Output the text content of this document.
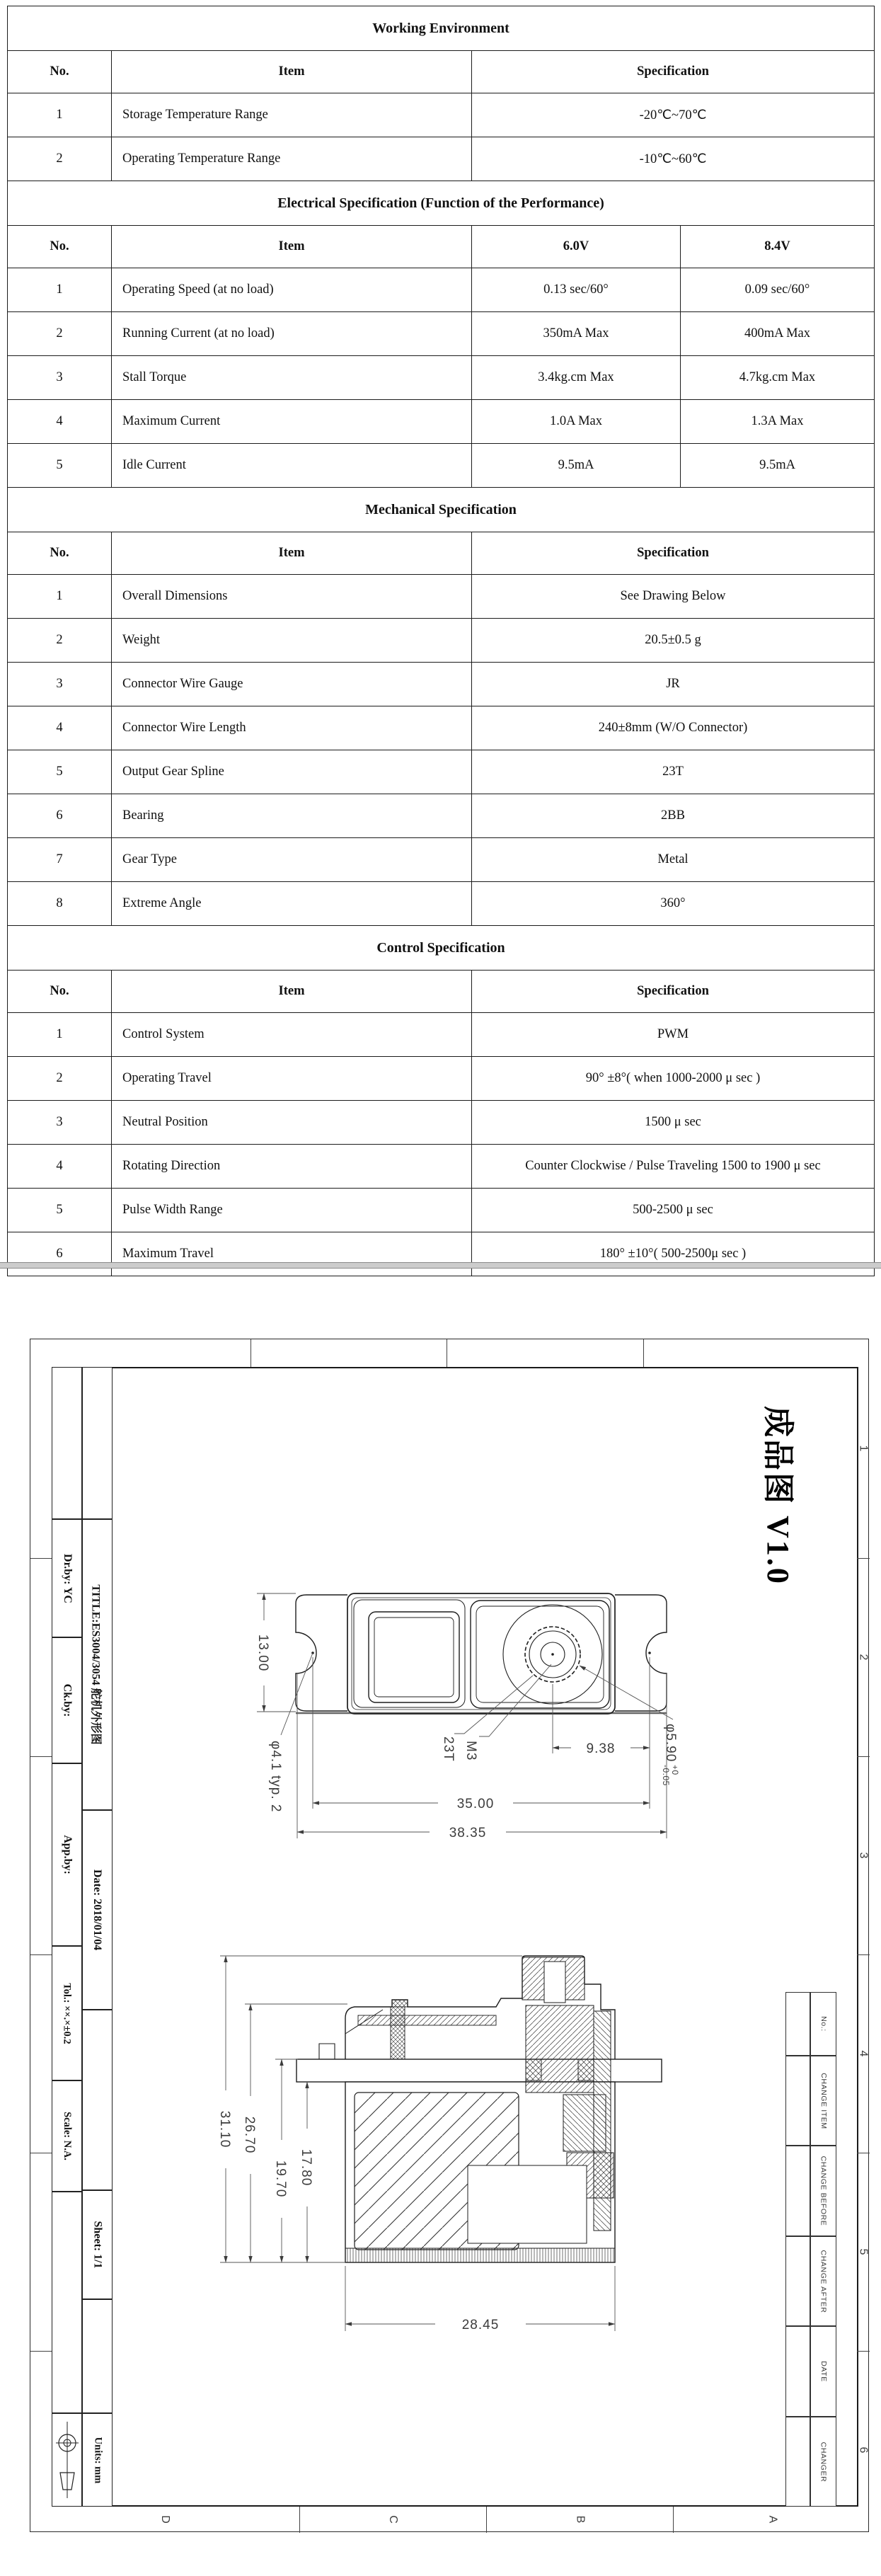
Working Environment			
No.	Item	Specification	
1	Storage Temperature Range	-20℃~70℃	
2	Operating Temperature Range	-10℃~60℃	
Electrical Specification (Function of the Performance)			
No.	Item	6.0V	8.4V
1	Operating Speed (at no load)	0.13 sec/60°	0.09 sec/60°
2	Running Current (at no load)	350mA Max	400mA Max
3	Stall Torque	3.4kg.cm Max	4.7kg.cm Max
4	Maximum Current	1.0A Max	1.3A Max
5	Idle Current	9.5mA	9.5mA
Mechanical Specification			
No.	Item	Specification	
1	Overall Dimensions	See Drawing Below	
2	Weight	20.5±0.5 g	
3	Connector Wire Gauge	JR	
4	Connector Wire Length	240±8mm (W/O Connector)	
5	Output Gear Spline	23T	
6	Bearing	2BB	
7	Gear Type	Metal	
8	Extreme Angle	360°	
Control Specification			
No.	Item	Specification	
1	Control System	PWM	
2	Operating Travel	90° ±8°( when 1000-2000 μ sec )	
3	Neutral Position	1500 μ sec	
4	Rotating Direction	Counter Clockwise / Pulse Traveling 1500 to 1900 μ sec	
5	Pulse Width Range	500-2500 μ sec	
6	Maximum Travel	180° ±10°( 500-2500μ sec )	
1
2
3
4
5
6
D	C	B	A
成品图 V1.0
Dr.by: YC
Ck.by:
App.by:
Tol.: ××.×±0.2
Scale: N.A.
TITLE:ES3004/3054 舵机外形图
Date: 2018/01/04
Sheet: 1/1
Units: mm
No.:
CHANGE ITEM
CHANGE BEFORE
CHANGE AFTER
DATE
CHANGER
13.00
35.00
38.35
9.38
φ4.1 typ. 2	M3
23T	φ5.90
+0
-0.05
31.10 26.70
19.70 17.80
28.45
